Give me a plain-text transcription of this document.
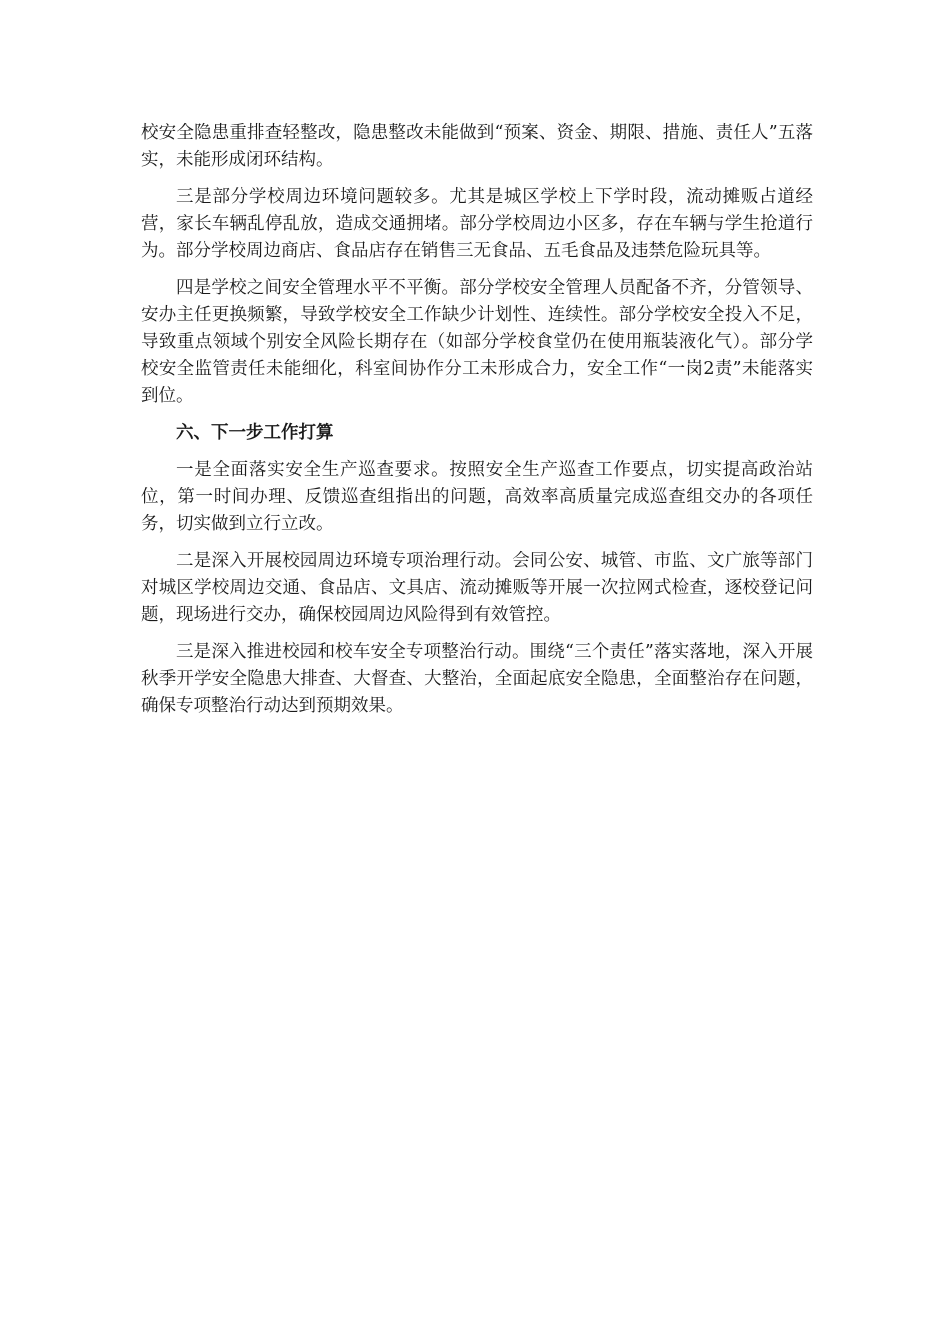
校安全隐患重排查轻整改，隐患整改未能做到“预案、资金、期限、措施、责任人”五落实，未能形成闭环结构。

三是部分学校周边环境问题较多。尤其是城区学校上下学时段，流动摊贩占道经营，家长车辆乱停乱放，造成交通拥堵。部分学校周边小区多，存在车辆与学生抢道行为。部分学校周边商店、食品店存在销售三无食品、五毛食品及违禁危险玩具等。

四是学校之间安全管理水平不平衡。部分学校安全管理人员配备不齐，分管领导、安办主任更换频繁，导致学校安全工作缺少计划性、连续性。部分学校安全投入不足，导致重点领域个别安全风险长期存在（如部分学校食堂仍在使用瓶装液化气）。部分学校安全监管责任未能细化，科室间协作分工未形成合力，安全工作“一岗2责”未能落实到位。

六、下一步工作打算

一是全面落实安全生产巡查要求。按照安全生产巡查工作要点，切实提高政治站位，第一时间办理、反馈巡查组指出的问题，高效率高质量完成巡查组交办的各项任务，切实做到立行立改。

二是深入开展校园周边环境专项治理行动。会同公安、城管、市监、文广旅等部门对城区学校周边交通、食品店、文具店、流动摊贩等开展一次拉网式检查，逐校登记问题，现场进行交办，确保校园周边风险得到有效管控。

三是深入推进校园和校车安全专项整治行动。围绕“三个责任”落实落地，深入开展秋季开学安全隐患大排查、大督查、大整治，全面起底安全隐患，全面整治存在问题，确保专项整治行动达到预期效果。
